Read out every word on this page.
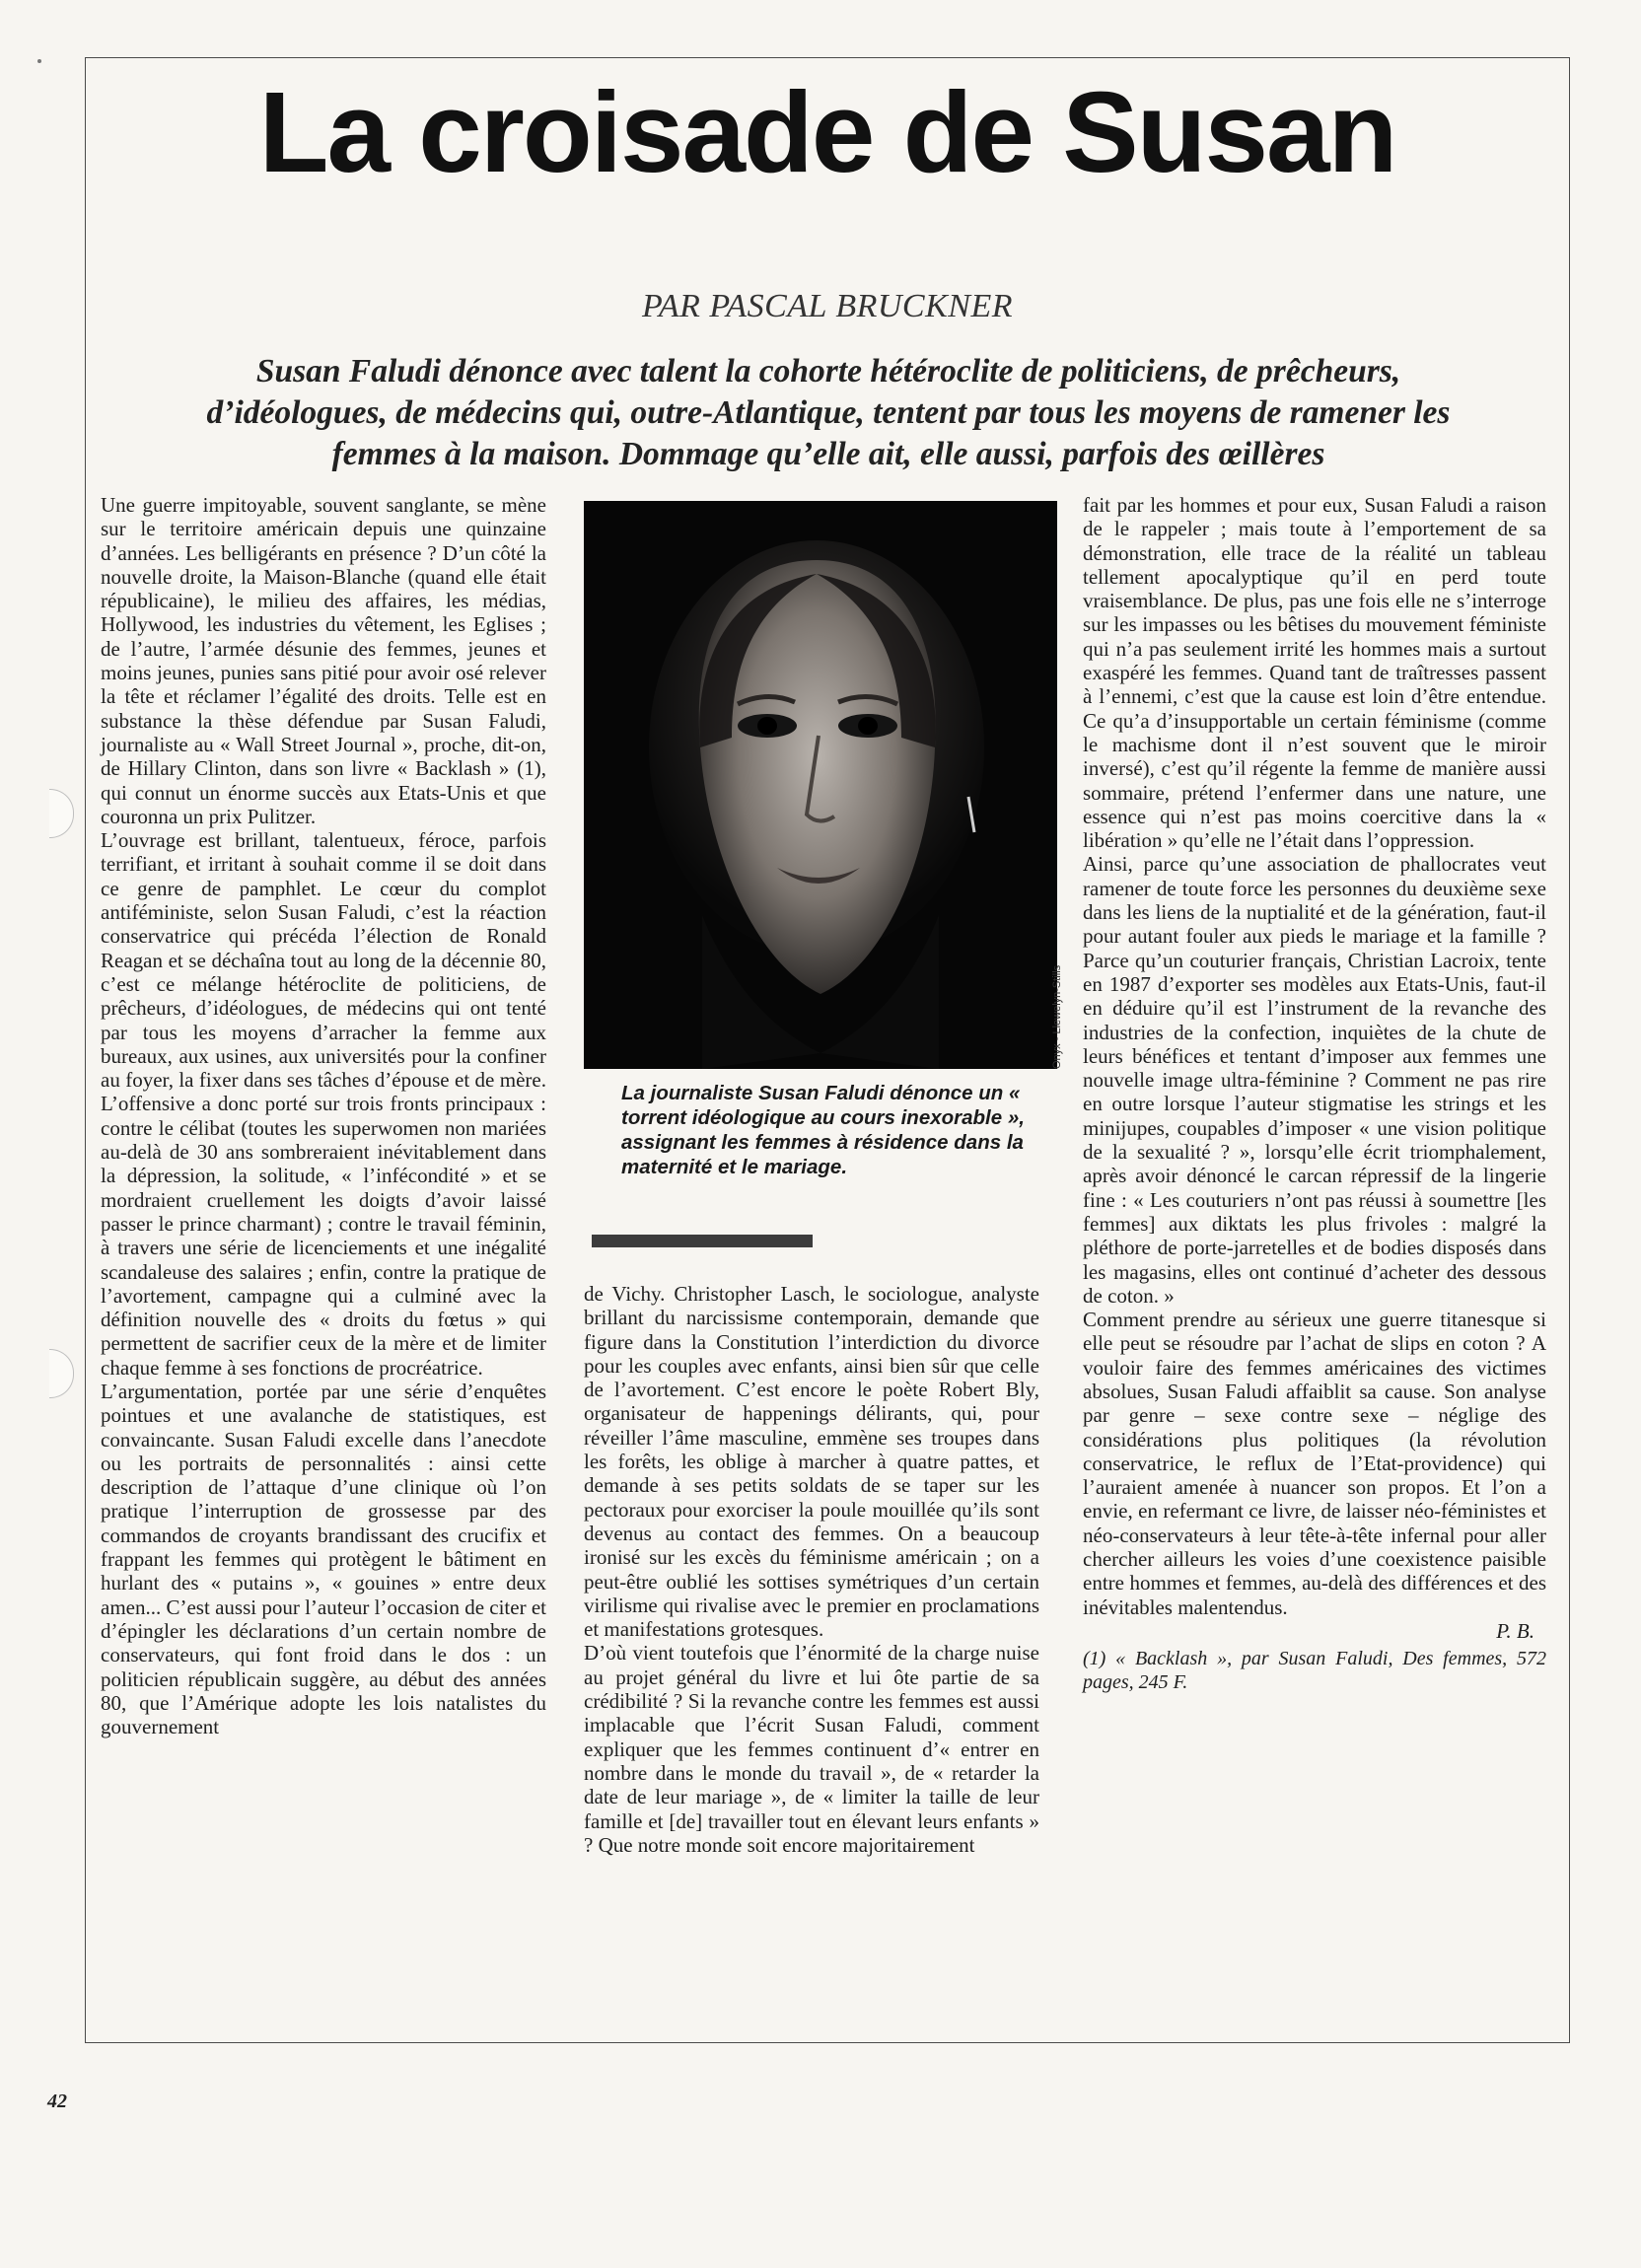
La croisade de Susan

PAR PASCAL BRUCKNER

Susan Faludi dénonce avec talent la cohorte hétéroclite de politiciens, de prêcheurs, d’idéologues, de médecins qui, outre-Atlantique, tentent par tous les moyens de ramener les femmes à la maison. Dommage qu’elle ait, elle aussi, parfois des œillères

Une guerre impitoyable, souvent sanglante, se mène sur le territoire américain depuis une quinzaine d’années. Les belligérants en présence ? D’un côté la nouvelle droite, la Maison-Blanche (quand elle était républicaine), le milieu des affaires, les médias, Hollywood, les industries du vêtement, les Eglises ; de l’autre, l’armée désunie des femmes, jeunes et moins jeunes, punies sans pitié pour avoir osé relever la tête et réclamer l’égalité des droits. Telle est en substance la thèse défendue par Susan Faludi, journaliste au « Wall Street Journal », proche, dit-on, de Hillary Clinton, dans son livre « Backlash » (1), qui connut un énorme succès aux Etats-Unis et que couronna un prix Pulitzer.

L’ouvrage est brillant, talentueux, féroce, parfois terrifiant, et irritant à souhait comme il se doit dans ce genre de pamphlet. Le cœur du complot antiféministe, selon Susan Faludi, c’est la réaction conservatrice qui précéda l’élection de Ronald Reagan et se déchaîna tout au long de la décennie 80, c’est ce mélange hétéroclite de politiciens, de prêcheurs, d’idéologues, de médecins qui ont tenté par tous les moyens d’arracher la femme aux bureaux, aux usines, aux universités pour la confiner au foyer, la fixer dans ses tâches d’épouse et de mère. L’offensive a donc porté sur trois fronts principaux : contre le célibat (toutes les superwomen non mariées au-delà de 30 ans sombreraient inévitablement dans la dépression, la solitude, « l’infécondité » et se mordraient cruellement les doigts d’avoir laissé passer le prince charmant) ; contre le travail féminin, à travers une série de licenciements et une inégalité scandaleuse des salaires ; enfin, contre la pratique de l’avortement, campagne qui a culminé avec la définition nouvelle des « droits du fœtus » qui permettent de sacrifier ceux de la mère et de limiter chaque femme à ses fonctions de procréatrice.

L’argumentation, portée par une série d’enquêtes pointues et une avalanche de statistiques, est convaincante. Susan Faludi excelle dans l’anecdote ou les portraits de personnalités : ainsi cette description de l’attaque d’une clinique où l’on pratique l’interruption de grossesse par des commandos de croyants brandissant des crucifix et frappant les femmes qui protègent le bâtiment en hurlant des « putains », « gouines » entre deux amen... C’est aussi pour l’auteur l’occasion de citer et d’épingler les déclarations d’un certain nombre de conservateurs, qui font froid dans le dos : un politicien républicain suggère, au début des années 80, que l’Amérique adopte les lois natalistes du gouvernement

Onyx - Llewelyn-Stills

La journaliste Susan Faludi dénonce un « torrent idéologique au cours inexorable », assignant les femmes à résidence dans la maternité et le mariage.

de Vichy. Christopher Lasch, le sociologue, analyste brillant du narcissisme contemporain, demande que figure dans la Constitution l’interdiction du divorce pour les couples avec enfants, ainsi bien sûr que celle de l’avortement. C’est encore le poète Robert Bly, organisateur de happenings délirants, qui, pour réveiller l’âme masculine, emmène ses troupes dans les forêts, les oblige à marcher à quatre pattes, et demande à ses petits soldats de se taper sur les pectoraux pour exorciser la poule mouillée qu’ils sont devenus au contact des femmes. On a beaucoup ironisé sur les excès du féminisme américain ; on a peut-être oublié les sottises symétriques d’un certain virilisme qui rivalise avec le premier en proclamations et manifestations grotesques.

D’où vient toutefois que l’énormité de la charge nuise au projet général du livre et lui ôte partie de sa crédibilité ? Si la revanche contre les femmes est aussi implacable que l’écrit Susan Faludi, comment expliquer que les femmes continuent d’« entrer en nombre dans le monde du travail », de « retarder la date de leur mariage », de « limiter la taille de leur famille et [de] travailler tout en élevant leurs enfants » ? Que notre monde soit encore majoritairement

fait par les hommes et pour eux, Susan Faludi a raison de le rappeler ; mais toute à l’emportement de sa démonstration, elle trace de la réalité un tableau tellement apocalyptique qu’il en perd toute vraisemblance. De plus, pas une fois elle ne s’interroge sur les impasses ou les bêtises du mouvement féministe qui n’a pas seulement irrité les hommes mais a surtout exaspéré les femmes. Quand tant de traîtresses passent à l’ennemi, c’est que la cause est loin d’être entendue. Ce qu’a d’insupportable un certain féminisme (comme le machisme dont il n’est souvent que le miroir inversé), c’est qu’il régente la femme de manière aussi sommaire, prétend l’enfermer dans une nature, une essence qui n’est pas moins coercitive dans la « libération » qu’elle ne l’était dans l’oppression.

Ainsi, parce qu’une association de phallocrates veut ramener de toute force les personnes du deuxième sexe dans les liens de la nuptialité et de la génération, faut-il pour autant fouler aux pieds le mariage et la famille ? Parce qu’un couturier français, Christian Lacroix, tente en 1987 d’exporter ses modèles aux Etats-Unis, faut-il en déduire qu’il est l’instrument de la revanche des industries de la confection, inquiètes de la chute de leurs bénéfices et tentant d’imposer aux femmes une nouvelle image ultra-féminine ? Comment ne pas rire en outre lorsque l’auteur stigmatise les strings et les minijupes, coupables d’imposer « une vision politique de la sexualité ? », lorsqu’elle écrit triomphalement, après avoir dénoncé le carcan répressif de la lingerie fine : « Les couturiers n’ont pas réussi à soumettre [les femmes] aux diktats les plus frivoles : malgré la pléthore de porte-jarretelles et de bodies disposés dans les magasins, elles ont continué d’acheter des dessous de coton. »

Comment prendre au sérieux une guerre titanesque si elle peut se résoudre par l’achat de slips en coton ? A vouloir faire des femmes américaines des victimes absolues, Susan Faludi affaiblit sa cause. Son analyse par genre – sexe contre sexe – néglige des considérations plus politiques (la révolution conservatrice, le reflux de l’Etat-providence) qui l’auraient amenée à nuancer son propos. Et l’on a envie, en refermant ce livre, de laisser néo-féministes et néo-conservateurs à leur tête-à-tête infernal pour aller chercher ailleurs les voies d’une coexistence paisible entre hommes et femmes, au-delà des différences et des inévitables malentendus.

P. B.

(1) « Backlash », par Susan Faludi, Des femmes, 572 pages, 245 F.

42
